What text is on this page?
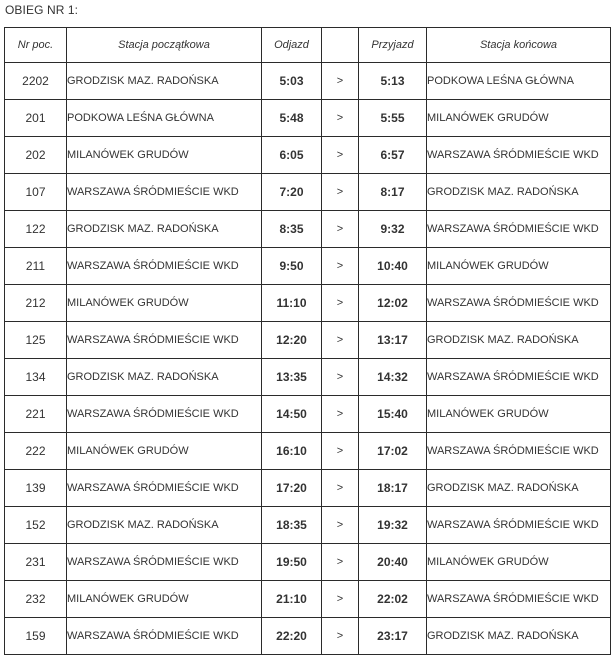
OBIEG NR 1:
Nr poc.	Stacja początkowa	Odjazd		Przyjazd	Stacja końcowa
2202	GRODZISK MAZ. RADOŃSKA	5:03	>	5:13	PODKOWA LEŚNA GŁÓWNA
201	PODKOWA LEŚNA GŁÓWNA	5:48	>	5:55	MILANÓWEK GRUDÓW
202	MILANÓWEK GRUDÓW	6:05	>	6:57	WARSZAWA ŚRÓDMIEŚCIE WKD
107	WARSZAWA ŚRÓDMIEŚCIE WKD	7:20	>	8:17	GRODZISK MAZ. RADOŃSKA
122	GRODZISK MAZ. RADOŃSKA	8:35	>	9:32	WARSZAWA ŚRÓDMIEŚCIE WKD
211	WARSZAWA ŚRÓDMIEŚCIE WKD	9:50	>	10:40	MILANÓWEK GRUDÓW
212	MILANÓWEK GRUDÓW	11:10	>	12:02	WARSZAWA ŚRÓDMIEŚCIE WKD
125	WARSZAWA ŚRÓDMIEŚCIE WKD	12:20	>	13:17	GRODZISK MAZ. RADOŃSKA
134	GRODZISK MAZ. RADOŃSKA	13:35	>	14:32	WARSZAWA ŚRÓDMIEŚCIE WKD
221	WARSZAWA ŚRÓDMIEŚCIE WKD	14:50	>	15:40	MILANÓWEK GRUDÓW
222	MILANÓWEK GRUDÓW	16:10	>	17:02	WARSZAWA ŚRÓDMIEŚCIE WKD
139	WARSZAWA ŚRÓDMIEŚCIE WKD	17:20	>	18:17	GRODZISK MAZ. RADOŃSKA
152	GRODZISK MAZ. RADOŃSKA	18:35	>	19:32	WARSZAWA ŚRÓDMIEŚCIE WKD
231	WARSZAWA ŚRÓDMIEŚCIE WKD	19:50	>	20:40	MILANÓWEK GRUDÓW
232	MILANÓWEK GRUDÓW	21:10	>	22:02	WARSZAWA ŚRÓDMIEŚCIE WKD
159	WARSZAWA ŚRÓDMIEŚCIE WKD	22:20	>	23:17	GRODZISK MAZ. RADOŃSKA
